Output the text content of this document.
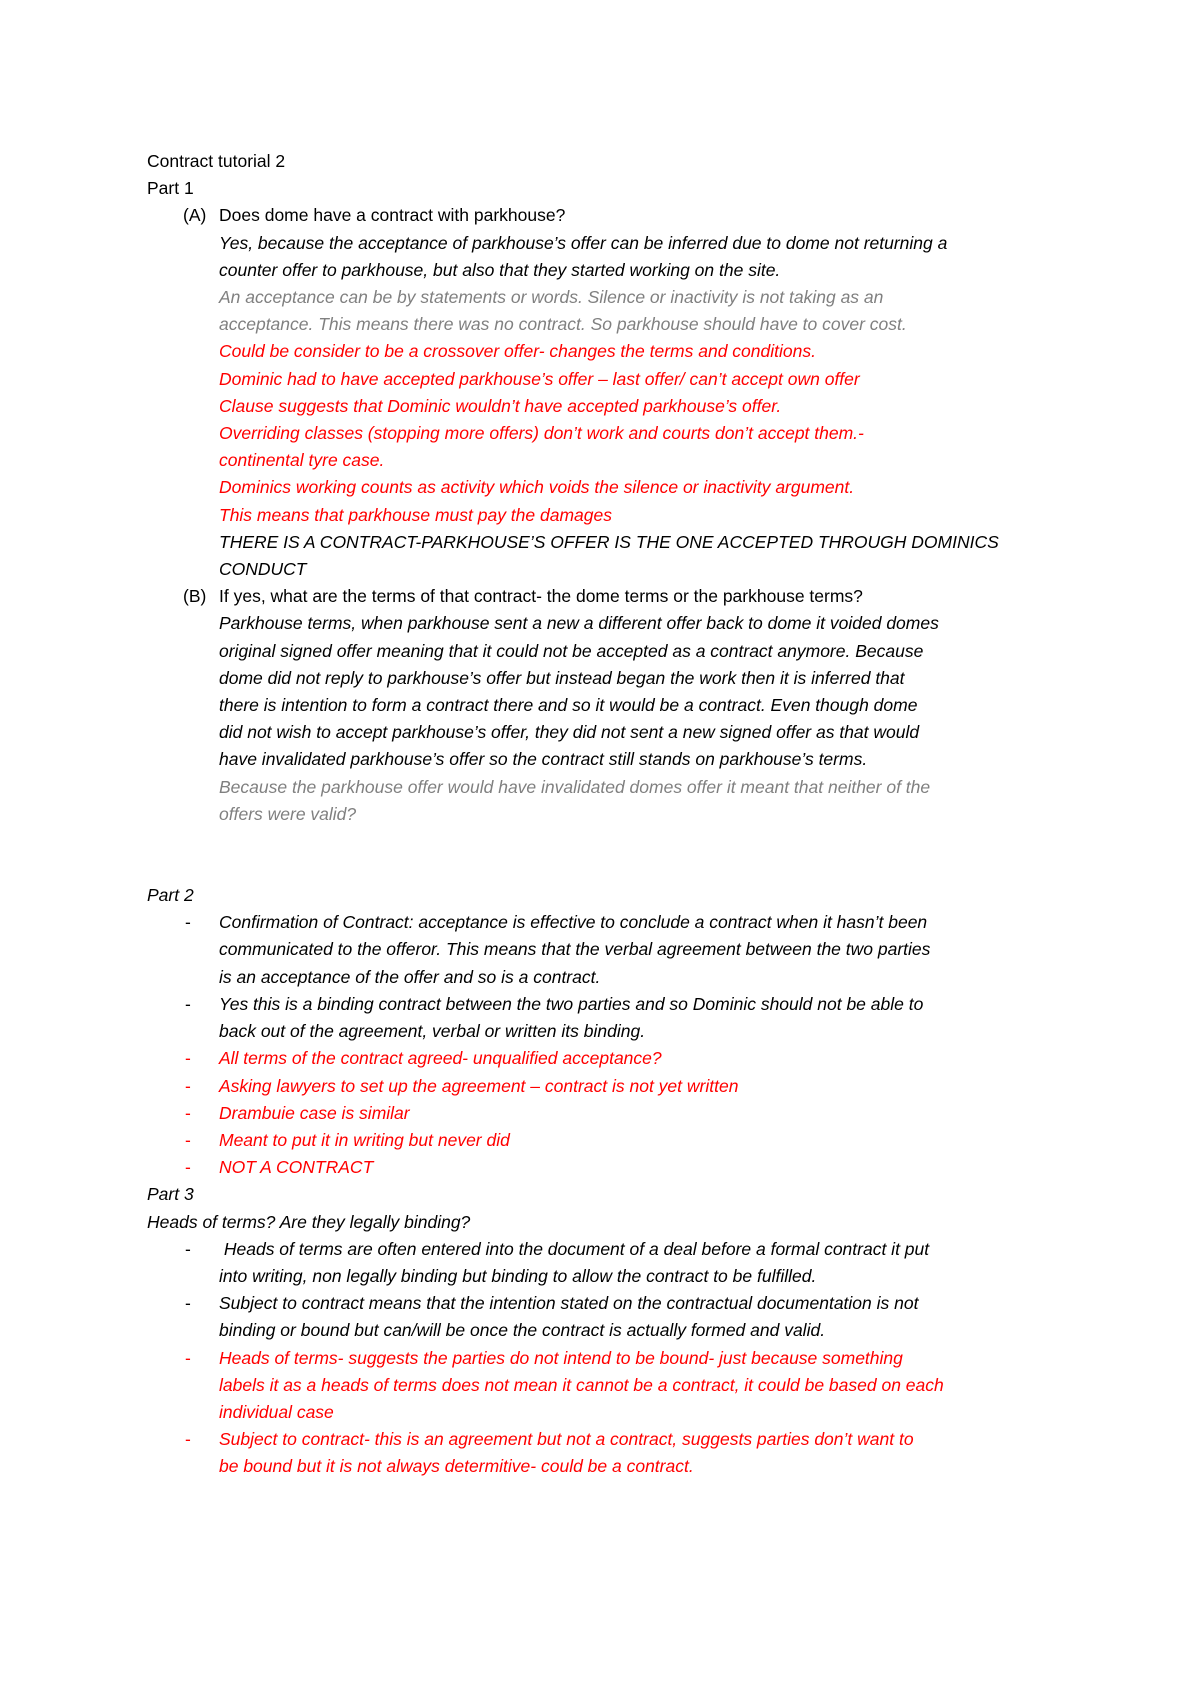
Contract tutorial 2
Part 1
(A) Does dome have a contract with parkhouse?
Yes, because the acceptance of parkhouse’s offer can be inferred due to dome not returning a
counter offer to parkhouse, but also that they started working on the site.
An acceptance can be by statements or words. Silence or inactivity is not taking as an
acceptance. This means there was no contract. So parkhouse should have to cover cost.
Could be consider to be a crossover offer- changes the terms and conditions.
Dominic had to have accepted parkhouse’s offer – last offer/ can’t accept own offer
Clause suggests that Dominic wouldn’t have accepted parkhouse’s offer.
Overriding classes (stopping more offers) don’t work and courts don’t accept them.-
continental tyre case.
Dominics working counts as activity which voids the silence or inactivity argument.
This means that parkhouse must pay the damages
THERE IS A CONTRACT-PARKHOUSE’S OFFER IS THE ONE ACCEPTED THROUGH DOMINICS
CONDUCT
(B) If yes, what are the terms of that contract- the dome terms or the parkhouse terms?
Parkhouse terms, when parkhouse sent a new a different offer back to dome it voided domes
original signed offer meaning that it could not be accepted as a contract anymore. Because
dome did not reply to parkhouse’s offer but instead began the work then it is inferred that
there is intention to form a contract there and so it would be a contract. Even though dome
did not wish to accept parkhouse’s offer, they did not sent a new signed offer as that would
have invalidated parkhouse’s offer so the contract still stands on parkhouse’s terms.
Because the parkhouse offer would have invalidated domes offer it meant that neither of the
offers were valid?
Part 2
- Confirmation of Contract: acceptance is effective to conclude a contract when it hasn’t been
communicated to the offeror. This means that the verbal agreement between the two parties
is an acceptance of the offer and so is a contract.
- Yes this is a binding contract between the two parties and so Dominic should not be able to
back out of the agreement, verbal or written its binding.
- All terms of the contract agreed- unqualified acceptance?
- Asking lawyers to set up the agreement – contract is not yet written
- Drambuie case is similar
- Meant to put it in writing but never did
- NOT A CONTRACT
Part 3
Heads of terms? Are they legally binding?
- Heads of terms are often entered into the document of a deal before a formal contract it put
into writing, non legally binding but binding to allow the contract to be fulfilled.
- Subject to contract means that the intention stated on the contractual documentation is not
binding or bound but can/will be once the contract is actually formed and valid.
- Heads of terms- suggests the parties do not intend to be bound- just because something
labels it as a heads of terms does not mean it cannot be a contract, it could be based on each
individual case
- Subject to contract- this is an agreement but not a contract, suggests parties don’t want to
be bound but it is not always determitive- could be a contract.
